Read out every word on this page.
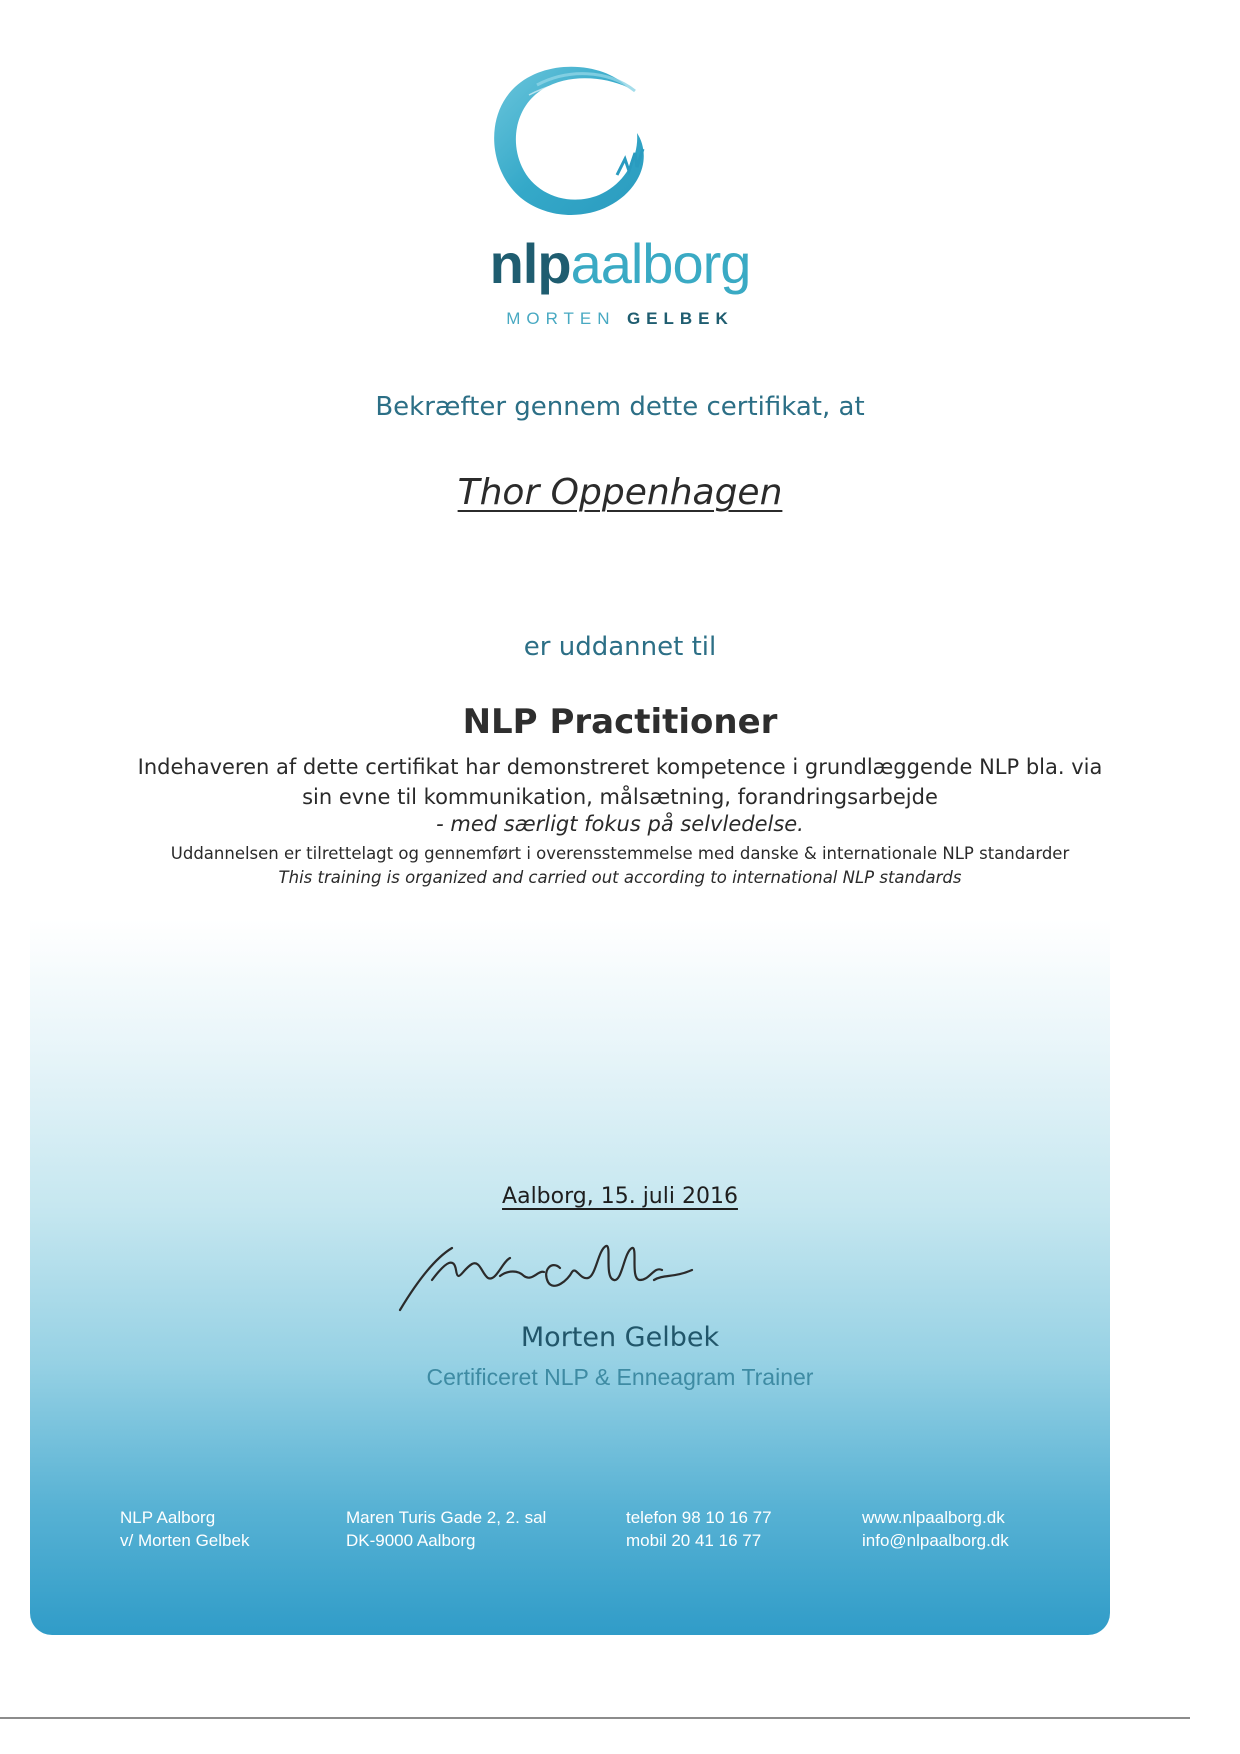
nlpaalborg
MORTEN GELBEK
Bekræfter gennem dette certifikat, at
Thor Oppenhagen
er uddannet til
NLP Practitioner
Indehaveren af dette certifikat har demonstreret kompetence i grundlæggende NLP bla. via
sin evne til kommunikation, målsætning, forandringsarbejde
- med særligt fokus på selvledelse.
Uddannelsen er tilrettelagt og gennemført i overensstemmelse med danske & internationale NLP standarder
This training is organized and carried out according to international NLP standards
Aalborg, 15. juli 2016
Morten Gelbek
Certificeret NLP & Enneagram Trainer
NLP Aalborg
v/ Morten Gelbek
Maren Turis Gade 2, 2. sal
DK-9000 Aalborg
telefon 98 10 16 77
mobil 20 41 16 77
www.nlpaalborg.dk
info@nlpaalborg.dk
